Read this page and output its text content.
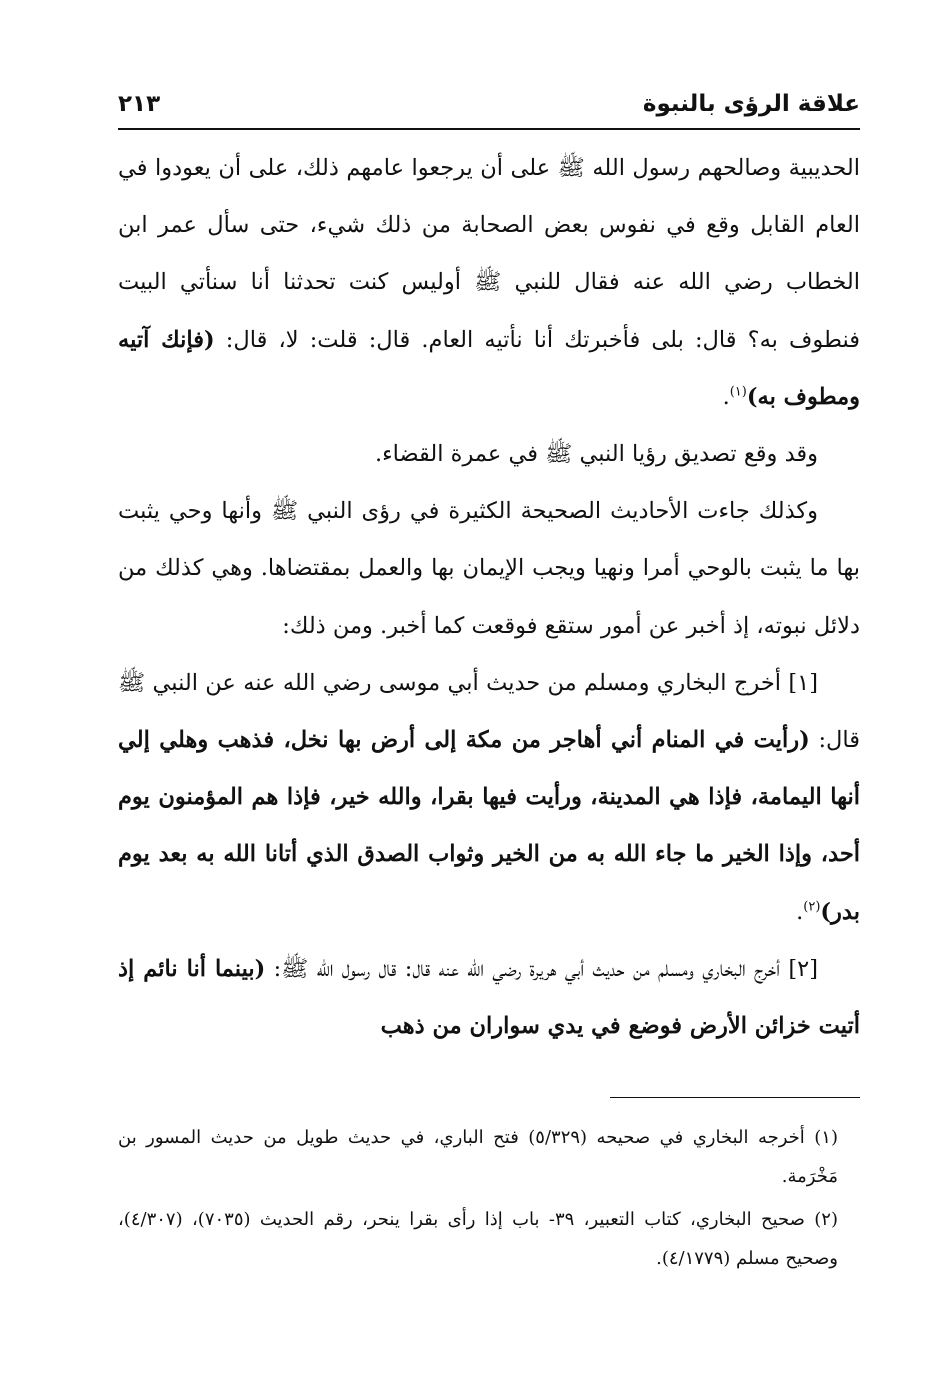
٢١٣	علاقة الرؤى بالنبوة

الحديبية وصالحهم رسول الله ﷺ على أن يرجعوا عامهم ذلك، على أن يعودوا في العام القابل وقع في نفوس بعض الصحابة من ذلك شيء، حتى سأل عمر ابن الخطاب رضي الله عنه فقال للنبي ﷺ أوليس كنت تحدثنا أنا سنأتي البيت فنطوف به؟ قال: بلى فأخبرتك أنا نأتيه العام. قال: قلت: لا، قال: (فإنك آتيه ومطوف به)$^{(١)}$.

وقد وقع تصديق رؤيا النبي ﷺ في عمرة القضاء.

وكذلك جاءت الأحاديث الصحيحة الكثيرة في رؤى النبي ﷺ وأنها وحي يثبت بها ما يثبت بالوحي أمرا ونهيا ويجب الإيمان بها والعمل بمقتضاها. وهي كذلك من دلائل نبوته، إذ أخبر عن أمور ستقع فوقعت كما أخبر. ومن ذلك:

[١] أخرج البخاري ومسلم من حديث أبي موسى رضي الله عنه عن النبي ﷺ قال: (رأيت في المنام أني أهاجر من مكة إلى أرض بها نخل، فذهب وهلي إلي أنها اليمامة، فإذا هي المدينة، ورأيت فيها بقرا، والله خير، فإذا هم المؤمنون يوم أحد، وإذا الخير ما جاء الله به من الخير وثواب الصدق الذي أتانا الله به بعد يوم بدر)$^{(٢)}$.

[٢] أخرج البخاري ومسلم من حديث أبي هريرة رضي الله عنه قال: قال رسول الله ﷺ: (بينما أنا نائم إذ أتيت خزائن الأرض فوضع في يدي سواران من ذهب

(١) أخرجه البخاري في صحيحه (٥/٣٢٩) فتح الباري، في حديث طويل من حديث المسور بن مَخْرَمة.

(٢) صحيح البخاري، كتاب التعبير، ٣٩- باب إذا رأى بقرا ينحر، رقم الحديث (٧٠٣٥)، (٤/٣٠٧)، وصحيح مسلم (٤/١٧٧٩).
